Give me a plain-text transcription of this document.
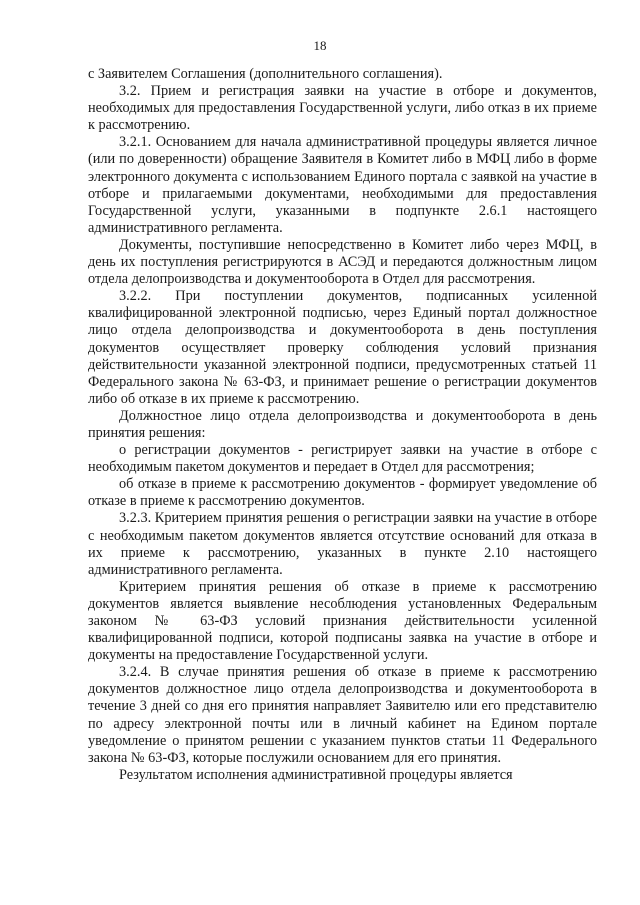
18

с Заявителем Соглашения (дополнительного соглашения).

3.2. Прием и регистрация заявки на участие в отборе и документов, необходимых для предоставления Государственной услуги, либо отказ в их приеме к рассмотрению.

3.2.1. Основанием для начала административной процедуры является личное (или по доверенности) обращение Заявителя в Комитет либо в МФЦ либо в форме электронного документа с использованием Единого портала с заявкой на участие в отборе и прилагаемыми документами, необходимыми для предоставления Государственной услуги, указанными в подпункте 2.6.1 настоящего административного регламента.

Документы, поступившие непосредственно в Комитет либо через МФЦ, в день их поступления регистрируются в АСЭД и передаются должностным лицом отдела делопроизводства и документооборота в Отдел для рассмотрения.

3.2.2. При поступлении документов, подписанных усиленной квалифицированной электронной подписью, через Единый портал должностное лицо отдела делопроизводства и документооборота в день поступления документов осуществляет проверку соблюдения условий признания действительности указанной электронной подписи, предусмотренных статьей 11 Федерального закона № 63-ФЗ, и принимает решение о регистрации документов либо об отказе в их приеме к рассмотрению.

Должностное лицо отдела делопроизводства и документооборота в день принятия решения:

о регистрации документов - регистрирует заявки на участие в отборе с необходимым пакетом документов и передает в Отдел для рассмотрения;

об отказе в приеме к рассмотрению документов - формирует уведомление об отказе в приеме к рассмотрению документов.

3.2.3. Критерием принятия решения о регистрации заявки на участие в отборе с необходимым пакетом документов является отсутствие оснований для отказа в их приеме к рассмотрению, указанных в пункте 2.10 настоящего административного регламента.

Критерием принятия решения об отказе в приеме к рассмотрению документов является выявление несоблюдения установленных Федеральным законом № 63-ФЗ условий признания действительности усиленной квалифицированной подписи, которой подписаны заявка на участие в отборе и документы на предоставление Государственной услуги.

3.2.4. В случае принятия решения об отказе в приеме к рассмотрению документов должностное лицо отдела делопроизводства и документооборота в течение 3 дней со дня его принятия направляет Заявителю или его представителю по адресу электронной почты или в личный кабинет на Едином портале уведомление о принятом решении с указанием пунктов статьи 11 Федерального закона № 63-ФЗ, которые послужили основанием для его принятия.

Результатом исполнения административной процедуры является
